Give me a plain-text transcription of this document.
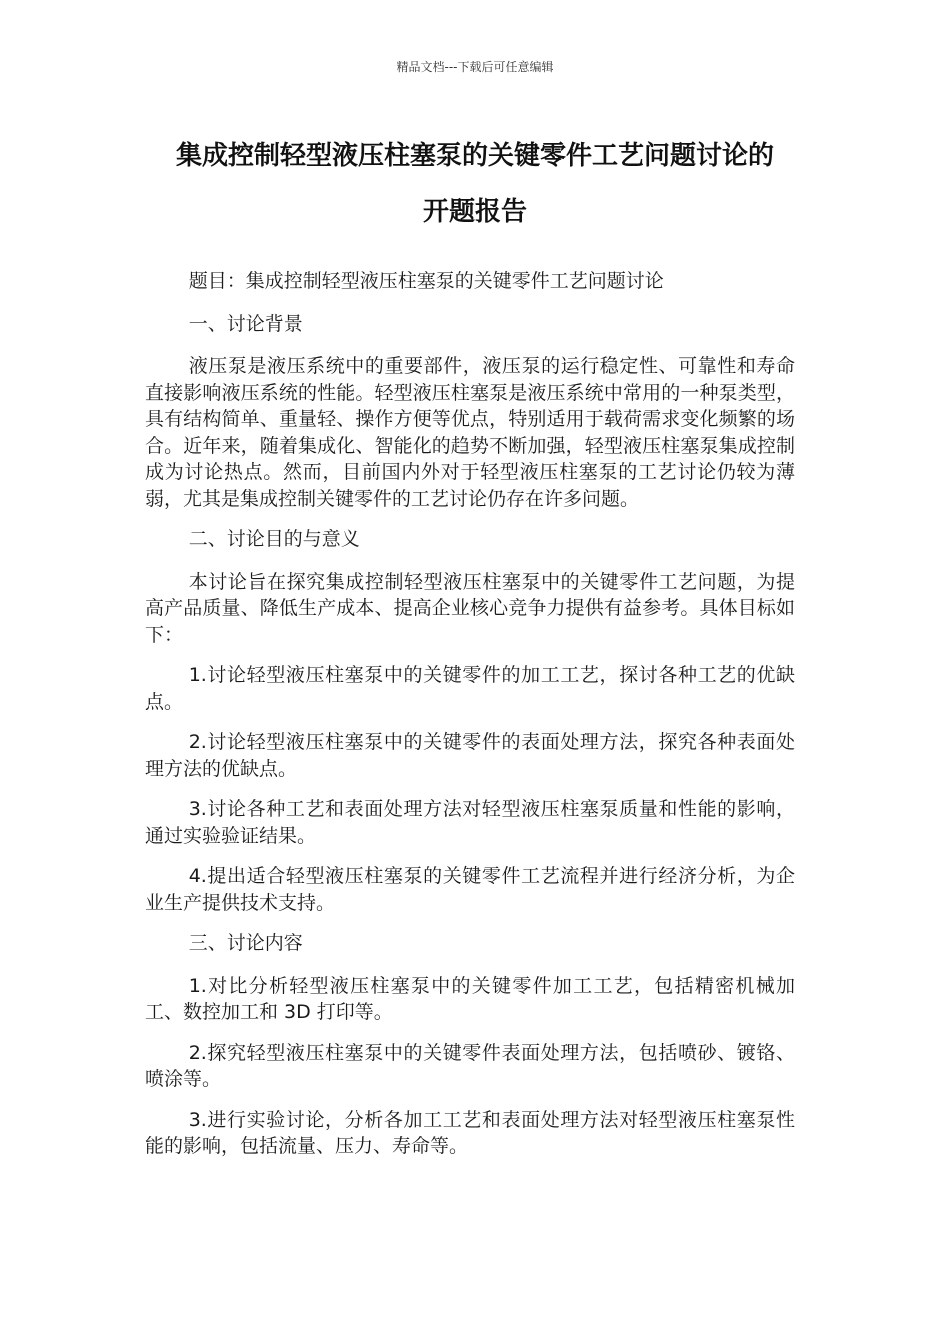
精品文档---下载后可任意编辑
集成控制轻型液压柱塞泵的关键零件工艺问题讨论的
开题报告

题目：集成控制轻型液压柱塞泵的关键零件工艺问题讨论

一、讨论背景

液压泵是液压系统中的重要部件，液压泵的运行稳定性、可靠性和寿命直接影响液压系统的性能。轻型液压柱塞泵是液压系统中常用的一种泵类型，具有结构简单、重量轻、操作方便等优点，特别适用于载荷需求变化频繁的场合。近年来，随着集成化、智能化的趋势不断加强，轻型液压柱塞泵集成控制成为讨论热点。然而，目前国内外对于轻型液压柱塞泵的工艺讨论仍较为薄弱，尤其是集成控制关键零件的工艺讨论仍存在许多问题。

二、讨论目的与意义

本讨论旨在探究集成控制轻型液压柱塞泵中的关键零件工艺问题，为提高产品质量、降低生产成本、提高企业核心竞争力提供有益参考。具体目标如下：

1.讨论轻型液压柱塞泵中的关键零件的加工工艺，探讨各种工艺的优缺点。

2.讨论轻型液压柱塞泵中的关键零件的表面处理方法，探究各种表面处理方法的优缺点。

3.讨论各种工艺和表面处理方法对轻型液压柱塞泵质量和性能的影响，通过实验验证结果。

4.提出适合轻型液压柱塞泵的关键零件工艺流程并进行经济分析，为企业生产提供技术支持。

三、讨论内容

1.对比分析轻型液压柱塞泵中的关键零件加工工艺，包括精密机械加工、数控加工和 3D 打印等。

2.探究轻型液压柱塞泵中的关键零件表面处理方法，包括喷砂、镀铬、喷涂等。

3.进行实验讨论，分析各加工工艺和表面处理方法对轻型液压柱塞泵性能的影响，包括流量、压力、寿命等。
